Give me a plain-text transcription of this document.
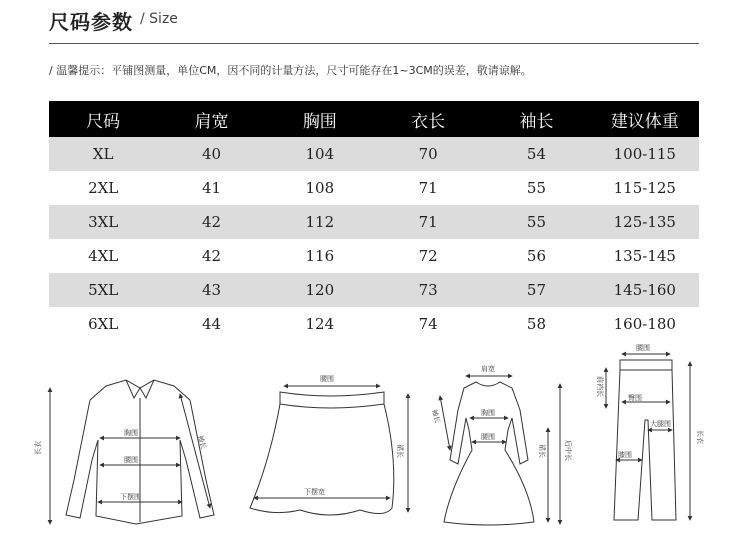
尺码参数 / Size
/ 温馨提示：平铺图测量，单位CM，因不同的计量方法，尺寸可能存在1~3CM的误差，敬请谅解。
尺码	肩宽	胸围	衣长	袖长	建议体重
XL	40	104	70	54	100-115
2XL	41	108	71	55	115-125
3XL	42	112	71	55	125-135
4XL	42	116	72	56	135-145
5XL	43	120	73	57	145-160
6XL	44	124	74	58	160-180
胸围
腰围
下摆围
袖长
长衣
腰围
下摆宽
裙长
肩宽
胸围
腰围
袖长
裙长	后中长
腰围
前裆长
臀围
大腿围
膝围
长衣
